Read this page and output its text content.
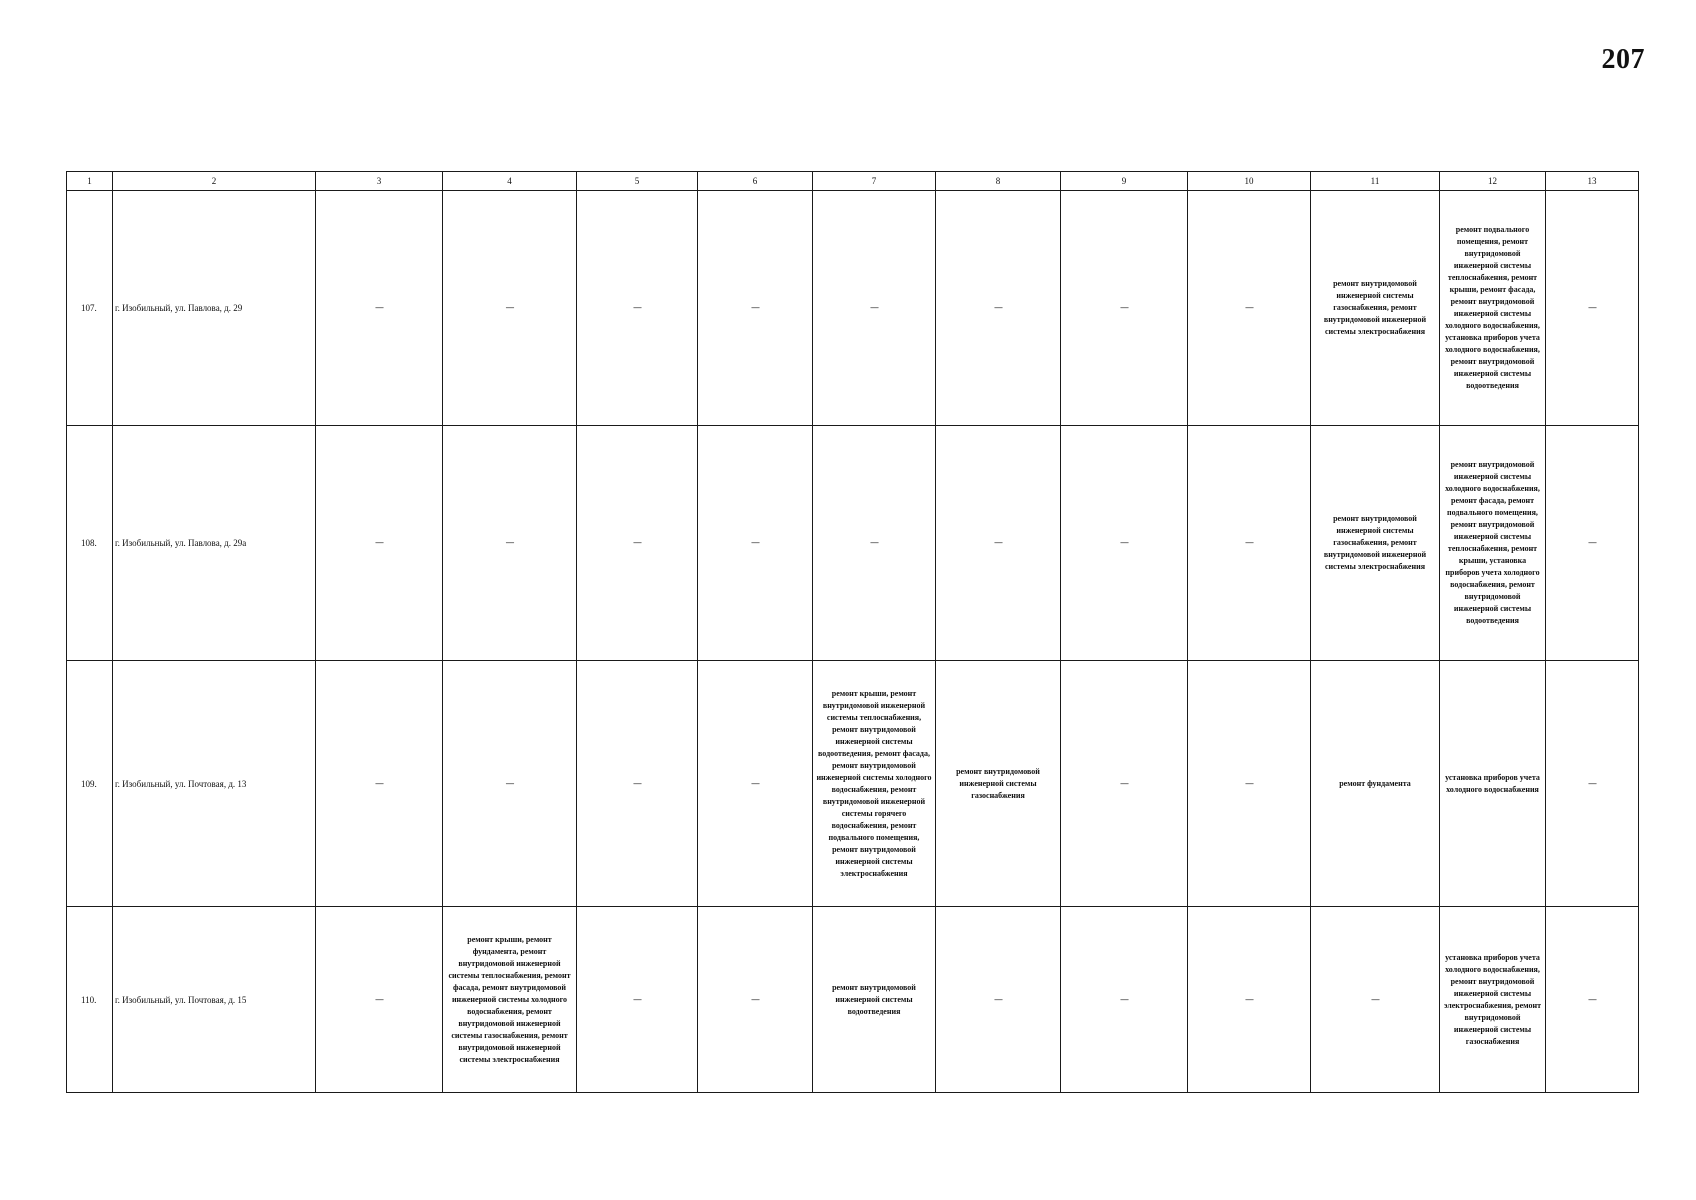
207
1	2	3	4	5	6	7	8	9	10	11	12	13
107.	г. Изобильный, ул. Павлова, д. 29	—	—	—	—	—	—	—	—	ремонт внутридомовой инженерной системы газоснабжения, ремонт внутридомовой инженерной системы электроснабжения	ремонт подвального помещения, ремонт внутридомовой инженерной системы теплоснабжения, ремонт крыши, ремонт фасада, ремонт внутридомовой инженерной системы холодного водоснабжения, установка приборов учета холодного водоснабжения, ремонт внутридомовой инженерной системы водоотведения	—
108.	г. Изобильный, ул. Павлова, д. 29а	—	—	—	—	—	—	—	—	ремонт внутридомовой инженерной системы газоснабжения, ремонт внутридомовой инженерной системы электроснабжения	ремонт внутридомовой инженерной системы холодного водоснабжения, ремонт фасада, ремонт подвального помещения, ремонт внутридомовой инженерной системы теплоснабжения, ремонт крыши, установка приборов учета холодного водоснабжения, ремонт внутридомовой инженерной системы водоотведения	—
109.	г. Изобильный, ул. Почтовая, д. 13	—	—	—	—	ремонт крыши, ремонт внутридомовой инженерной системы теплоснабжения, ремонт внутридомовой инженерной системы водоотведения, ремонт фасада, ремонт внутридомовой инженерной системы холодного водоснабжения, ремонт внутридомовой инженерной системы горячего водоснабжения, ремонт подвального помещения, ремонт внутридомовой инженерной системы электроснабжения	ремонт внутридомовой инженерной системы газоснабжения	—	—	ремонт фундамента	установка приборов учета холодного водоснабжения	—
110.	г. Изобильный, ул. Почтовая, д. 15	—	ремонт крыши, ремонт фундамента, ремонт внутридомовой инженерной системы теплоснабжения, ремонт фасада, ремонт внутридомовой инженерной системы холодного водоснабжения, ремонт внутридомовой инженерной системы газоснабжения, ремонт внутридомовой инженерной системы электроснабжения	—	—	ремонт внутридомовой инженерной системы водоотведения	—	—	—	—	установка приборов учета холодного водоснабжения, ремонт внутридомовой инженерной системы электроснабжения, ремонт внутридомовой инженерной системы газоснабжения	—
